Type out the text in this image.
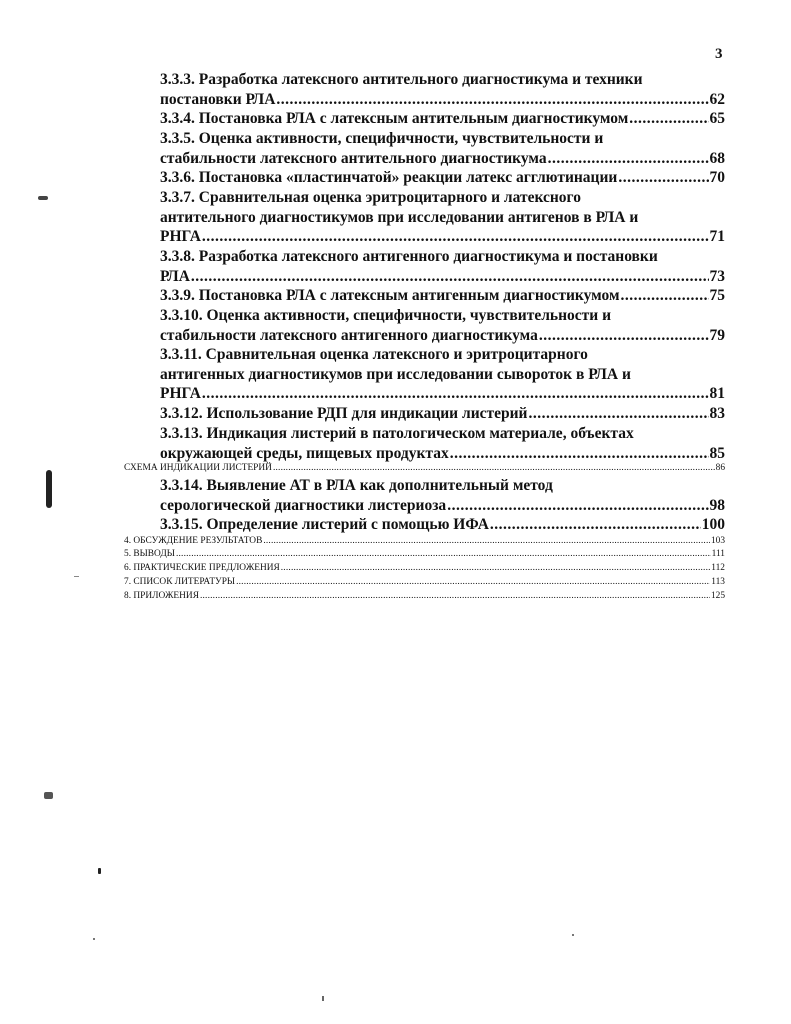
3
3.3.3. Разработка латексного антительного диагностикума и техники
постановки РЛА .....	62
3.3.4. Постановка РЛА с латексным антительным диагностикумом .....	65
3.3.5. Оценка активности, специфичности, чувствительности и
стабильности латексного антительного диагностикума .....	68
3.3.6. Постановка «пластинчатой» реакции латекс агглютинации .....	70
3.3.7. Сравнительная оценка эритроцитарного и латексного
антительного диагностикумов при исследовании антигенов в РЛА и
РНГА .....	71
3.3.8. Разработка латексного антигенного диагностикума и постановки
РЛА .....	73
3.3.9. Постановка РЛА с латексным антигенным диагностикумом .....	75
3.3.10. Оценка активности, специфичности, чувствительности и
стабильности латексного антигенного диагностикума .....	79
3.3.11. Сравнительная оценка латексного и эритроцитарного
антигенных диагностикумов при исследовании сывороток в РЛА и
РНГА .....	81
3.3.12. Использование РДП для индикации листерий .....	83
3.3.13. Индикация листерий в патологическом материале, объектах
окружающей среды, пищевых продуктах .....	85
СХЕМА ИНДИКАЦИИ ЛИСТЕРИЙ .....	86
3.3.14. Выявление АТ в РЛА как дополнительный метод
серологической диагностики листериоза .....	98
3.3.15. Определение листерий с помощью ИФА .....	100
4. ОБСУЖДЕНИЕ РЕЗУЛЬТАТОВ .....	103
5. ВЫВОДЫ .....	111
6. ПРАКТИЧЕСКИЕ ПРЕДЛОЖЕНИЯ .....	112
7. СПИСОК ЛИТЕРАТУРЫ .....	113
8. ПРИЛОЖЕНИЯ .....	125
